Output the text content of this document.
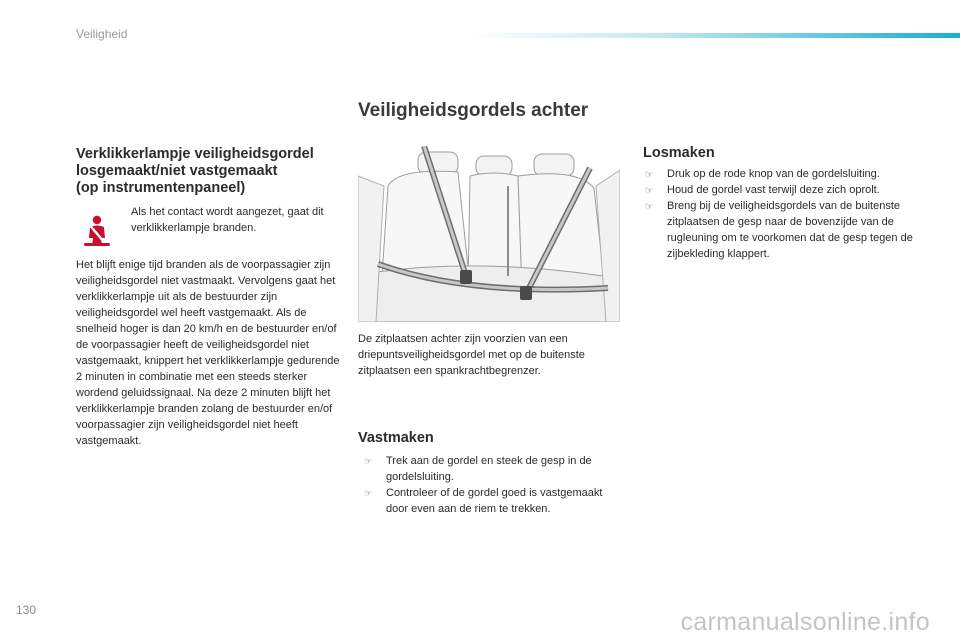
Veiligheid
Veiligheidsgordels achter
Verklikkerlampje veiligheidsgordel
losgemaakt/niet vastgemaakt
(op instrumentenpaneel)

Als het contact wordt aangezet, gaat dit verklikkerlampje branden.

Het blijft enige tijd branden als de voorpassagier zijn veiligheidsgordel niet vastmaakt. Vervolgens gaat het verklikkerlampje uit als de bestuurder zijn veiligheidsgordel wel heeft vastgemaakt. Als de snelheid hoger is dan 20 km/h en de bestuurder en/of de voorpassagier heeft de veiligheidsgordel niet vastgemaakt, knippert het verklikkerlampje gedurende 2 minuten in combinatie met een steeds sterker wordend geluidssignaal. Na deze 2 minuten blijft het verklikkerlampje branden zolang de bestuurder en/of voorpassagier zijn veiligheidsgordel niet heeft vastgemaakt.

De zitplaatsen achter zijn voorzien van een driepuntsveiligheidsgordel met op de buitenste zitplaatsen een spankrachtbegrenzer.

Vastmaken
☞ Trek aan de gordel en steek de gesp in de gordelsluiting.
☞ Controleer of de gordel goed is vastgemaakt door even aan de riem te trekken.
Losmaken
☞ Druk op de rode knop van de gordelsluiting.
☞ Houd de gordel vast terwijl deze zich oprolt.
☞ Breng bij de veiligheidsgordels van de buitenste zitplaatsen de gesp naar de bovenzijde van de rugleuning om te voorkomen dat de gesp tegen de zijbekleding klappert.
130	carmanualsonline.info
